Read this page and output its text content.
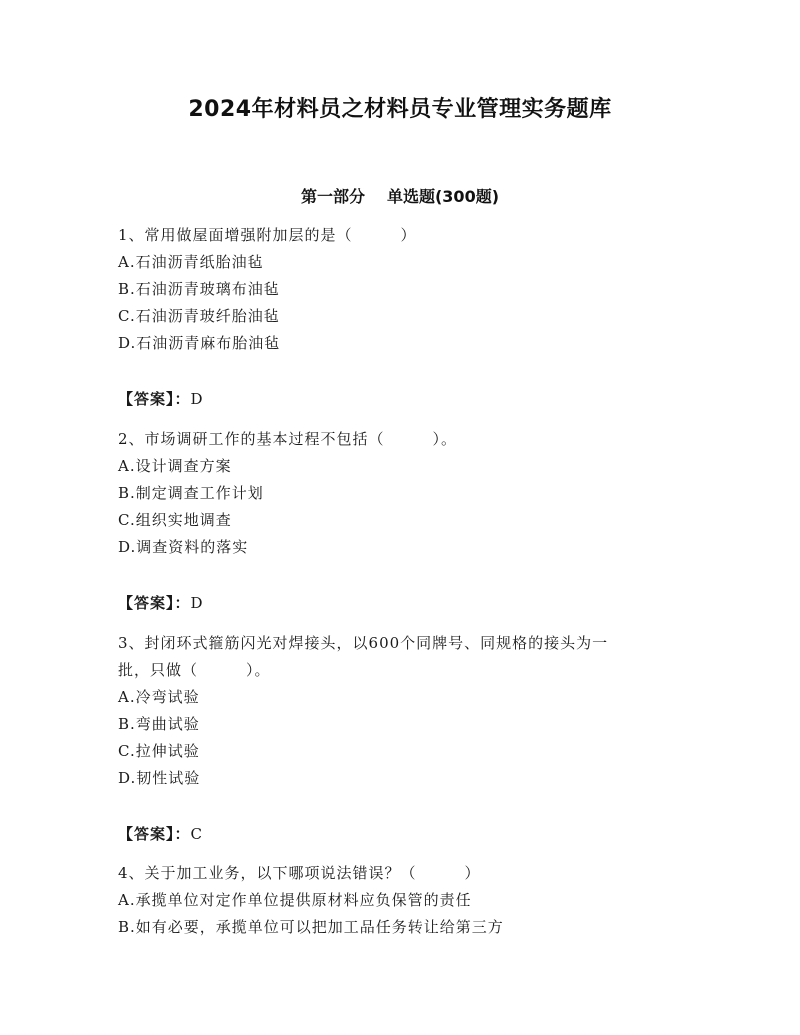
2024年材料员之材料员专业管理实务题库
第一部分 单选题(300题)
1、常用做屋面增强附加层的是（　　　）
A.石油沥青纸胎油毡
B.石油沥青玻璃布油毡
C.石油沥青玻纤胎油毡
D.石油沥青麻布胎油毡
【答案】：D
2、市场调研工作的基本过程不包括（　　　）。
A.设计调查方案
B.制定调查工作计划
C.组织实地调查
D.调查资料的落实
【答案】：D
3、封闭环式箍筋闪光对焊接头，以600个同牌号、同规格的接头为一
批，只做（　　　）。
A.冷弯试验
B.弯曲试验
C.拉伸试验
D.韧性试验
【答案】：C
4、关于加工业务，以下哪项说法错误？（　　　）
A.承揽单位对定作单位提供原材料应负保管的责任
B.如有必要，承揽单位可以把加工品任务转让给第三方
